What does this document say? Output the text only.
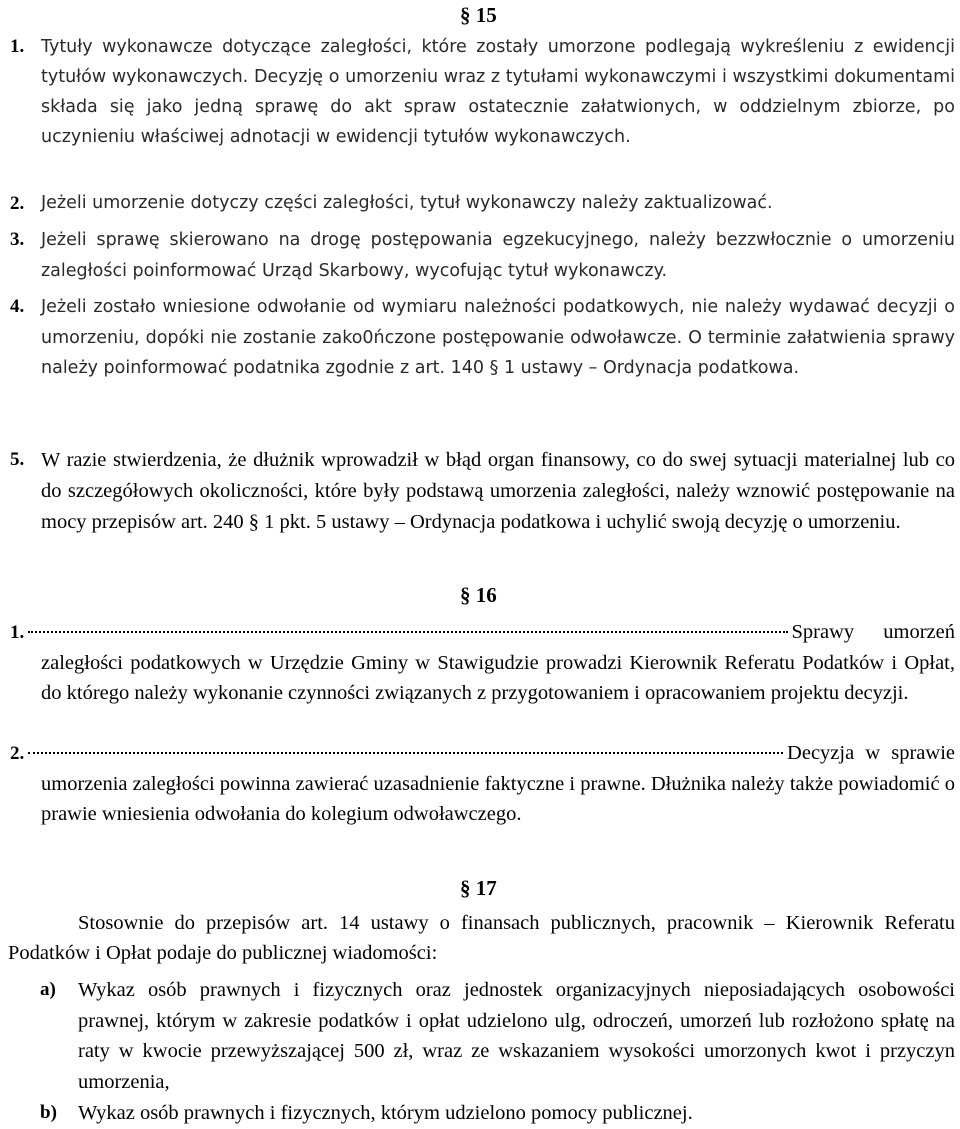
§ 15
1. Tytuły wykonawcze dotyczące zaległości, które zostały umorzone podlegają wykreśleniu z ewidencji tytułów wykonawczych. Decyzję o umorzeniu wraz z tytułami wykonawczymi i wszystkimi dokumentami składa się jako jedną sprawę do akt spraw ostatecznie załatwionych, w oddzielnym zbiorze, po uczynieniu właściwej adnotacji w ewidencji tytułów wykonawczych.
2. Jeżeli umorzenie dotyczy części zaległości, tytuł wykonawczy należy zaktualizować.
3. Jeżeli sprawę skierowano na drogę postępowania egzekucyjnego, należy bezzwłocznie o umorzeniu zaległości poinformować Urząd Skarbowy, wycofując tytuł wykonawczy.
4. Jeżeli zostało wniesione odwołanie od wymiaru należności podatkowych, nie należy wydawać decyzji o umorzeniu, dopóki nie zostanie zako0ńczone postępowanie odwoławcze. O terminie załatwienia sprawy należy poinformować podatnika zgodnie z art. 140 § 1 ustawy – Ordynacja podatkowa.
5. W razie stwierdzenia, że dłużnik wprowadził w błąd organ finansowy, co do swej sytuacji materialnej lub co do szczegółowych okoliczności, które były podstawą umorzenia zaległości, należy wznowić postępowanie na mocy przepisów art. 240 § 1 pkt. 5 ustawy – Ordynacja podatkowa i uchylić swoją decyzję o umorzeniu.
§ 16
1.	Sprawy umorzeń
zaległości podatkowych w Urzędzie Gminy w Stawigudzie prowadzi Kierownik Referatu Podatków i Opłat, do którego należy wykonanie czynności związanych z przygotowaniem i opracowaniem projektu decyzji.
2.	Decyzja w sprawie
umorzenia zaległości powinna zawierać uzasadnienie faktyczne i prawne. Dłużnika należy także powiadomić o prawie wniesienia odwołania do kolegium odwoławczego.
§ 17
Stosownie do przepisów art. 14 ustawy o finansach publicznych, pracownik – Kierownik Referatu Podatków i Opłat podaje do publicznej wiadomości:
a) Wykaz osób prawnych i fizycznych oraz jednostek organizacyjnych nieposiadających osobowości prawnej, którym w zakresie podatków i opłat udzielono ulg, odroczeń, umorzeń lub rozłożono spłatę na raty w kwocie przewyższającej 500 zł, wraz ze wskazaniem wysokości umorzonych kwot i przyczyn umorzenia,
b) Wykaz osób prawnych i fizycznych, którym udzielono pomocy publicznej.
